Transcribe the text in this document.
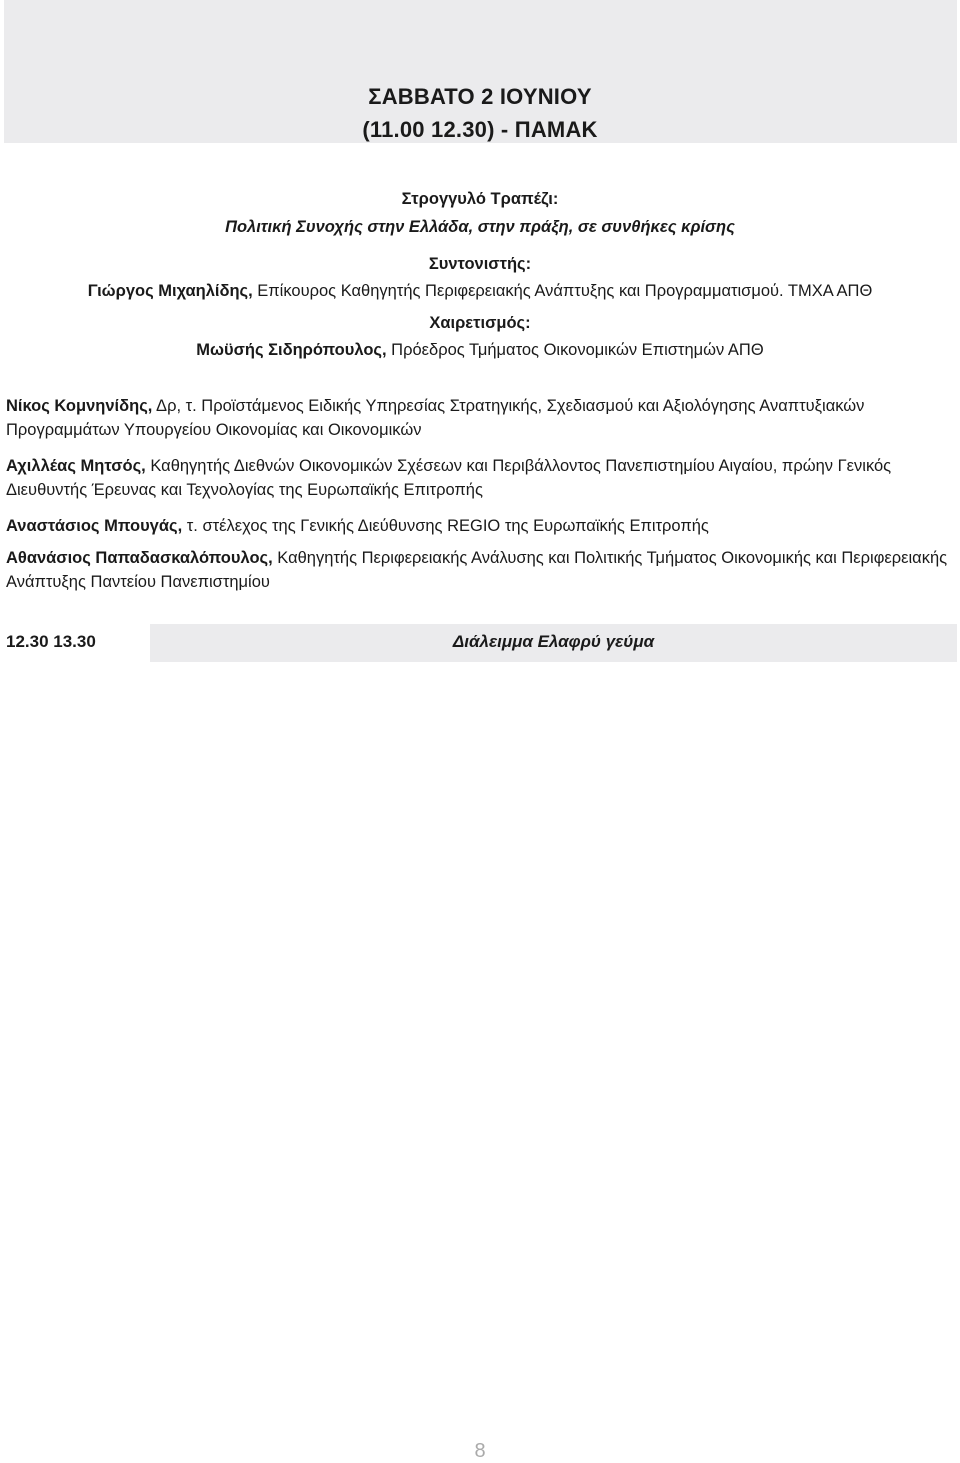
ΣΑΒΒΑΤΟ 2 ΙΟΥΝΙΟΥ
(11.00 12.30) - ΠΑΜΑΚ
Στρογγυλό Τραπέζι:
Πολιτική Συνοχής στην Ελλάδα, στην πράξη, σε συνθήκες κρίσης
Συντονιστής:
Γιώργος Μιχαηλίδης, Επίκουρος Καθηγητής Περιφερειακής Ανάπτυξης και Προγραμματισμού. ΤΜΧΑ ΑΠΘ
Χαιρετισμός:
Μωϋσής Σιδηρόπουλος, Πρόεδρος Τμήματος Οικονομικών Επιστημών ΑΠΘ
Νίκος Κομνηνίδης, Δρ, τ. Προϊστάμενος Ειδικής Υπηρεσίας Στρατηγικής, Σχεδιασμού και Αξιολόγησης Αναπτυξιακών Προγραμμάτων Υπουργείου Οικονομίας και Οικονομικών
Αχιλλέας Μητσός, Καθηγητής Διεθνών Οικονομικών Σχέσεων και Περιβάλλοντος Πανεπιστημίου Αιγαίου, πρώην Γενικός Διευθυντής Έρευνας και Τεχνολογίας της Ευρωπαϊκής Επιτροπής
Αναστάσιος Μπουγάς, τ. στέλεχος της Γενικής Διεύθυνσης REGIO της Ευρωπαϊκής Επιτροπής
Αθανάσιος Παπαδασκαλόπουλος, Καθηγητής Περιφερειακής Ανάλυσης και Πολιτικής Τμήματος Οικονομικής και Περιφερειακής Ανάπτυξης Παντείου Πανεπιστημίου
12.30 13.30	Διάλειμμα Ελαφρύ γεύμα
8
